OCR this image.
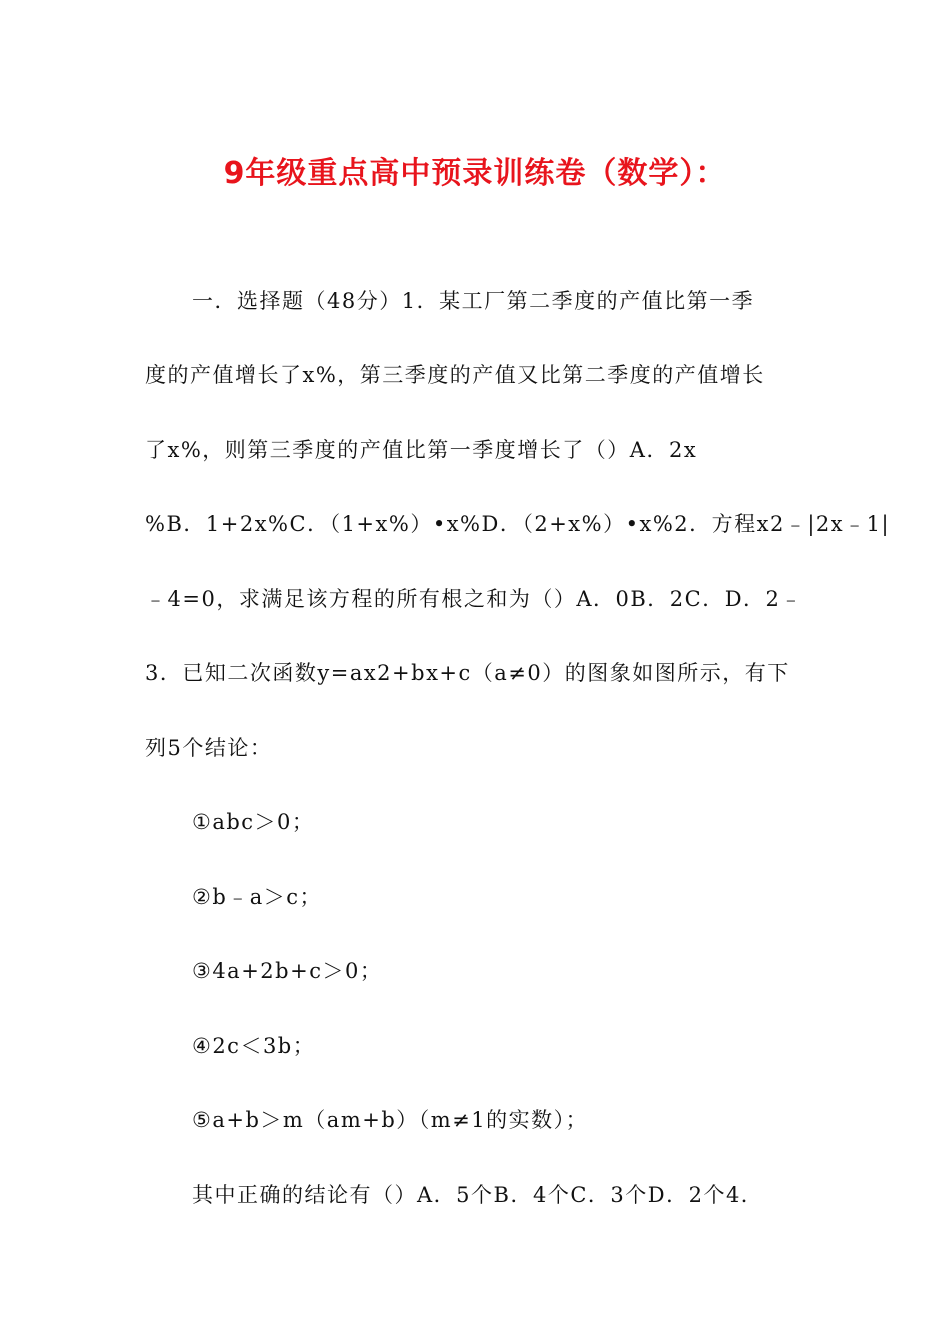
9年级重点高中预录训练卷（数学）：
一．选择题（48分）1．某工厂第二季度的产值比第一季
度的产值增长了x%，第三季度的产值又比第二季度的产值增长
了x%，则第三季度的产值比第一季度增长了（）A．2x
%B．1+2x%C．（1+x%）•x%D．（2+x%）•x%2．方程x2﹣|2x﹣1|
﹣4=0，求满足该方程的所有根之和为（）A．0B．2C．D．2﹣
3．已知二次函数y=ax2+bx+c（a≠0）的图象如图所示，有下
列5个结论：
①abc＞0；
②b﹣a＞c；
③4a+2b+c＞0；
④2c＜3b；
⑤a+b＞m（am+b）（m≠1的实数）；
其中正确的结论有（）A．5个B．4个C．3个D．2个4．
